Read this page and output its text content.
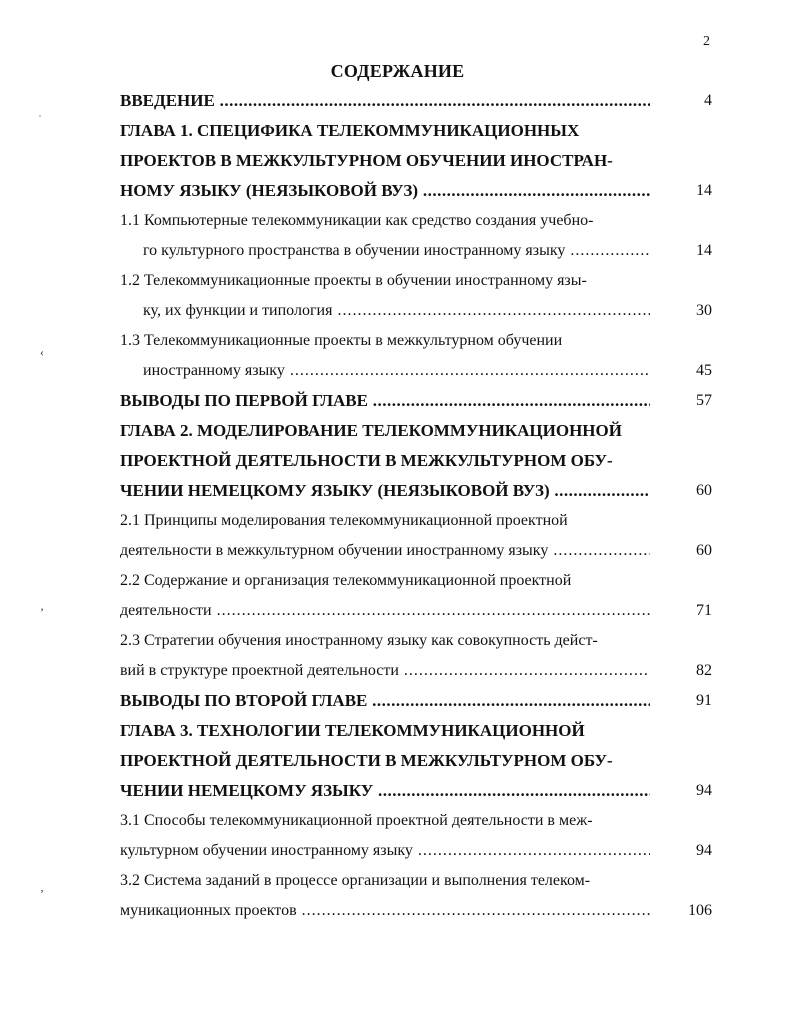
2
СОДЕРЖАНИЕ
ВВЕДЕНИЕ .....	4
ГЛАВА 1. СПЕЦИФИКА ТЕЛЕКОММУНИКАЦИОННЫХ
ПРОЕКТОВ В МЕЖКУЛЬТУРНОМ ОБУЧЕНИИ ИНОСТРАН-
НОМУ ЯЗЫКУ (НЕЯЗЫКОВОЙ ВУЗ) .....	14
1.1 Компьютерные телекоммуникации как средство создания учебно-
го культурного пространства в обучении иностранному языку .....	14
1.2 Телекоммуникационные проекты в обучении иностранному язы-
ку, их функции и типология .....	30
1.3 Телекоммуникационные проекты в межкультурном обучении
иностранному языку .....	45
ВЫВОДЫ ПО ПЕРВОЙ ГЛАВЕ .....	57
ГЛАВА 2. МОДЕЛИРОВАНИЕ ТЕЛЕКОММУНИКАЦИОННОЙ
ПРОЕКТНОЙ ДЕЯТЕЛЬНОСТИ В МЕЖКУЛЬТУРНОМ ОБУ-
ЧЕНИИ НЕМЕЦКОМУ ЯЗЫКУ (НЕЯЗЫКОВОЙ ВУЗ) .....	60
2.1 Принципы моделирования телекоммуникационной проектной
деятельности в межкультурном обучении иностранному языку .....	60
2.2 Содержание и организация телекоммуникационной проектной
деятельности .....	71
2.3 Стратегии обучения иностранному языку как совокупность дейст-
вий в структуре проектной деятельности .....	82
ВЫВОДЫ ПО ВТОРОЙ ГЛАВЕ .....	91
ГЛАВА 3. ТЕХНОЛОГИИ ТЕЛЕКОММУНИКАЦИОННОЙ
ПРОЕКТНОЙ ДЕЯТЕЛЬНОСТИ В МЕЖКУЛЬТУРНОМ ОБУ-
ЧЕНИИ НЕМЕЦКОМУ ЯЗЫКУ .....	94
3.1 Способы телекоммуникационной проектной деятельности в меж-
культурном обучении иностранному языку .....	94
3.2 Система заданий в процессе организации и выполнения телеком-
муникационных проектов .....	106
˙
‹
’
‚
